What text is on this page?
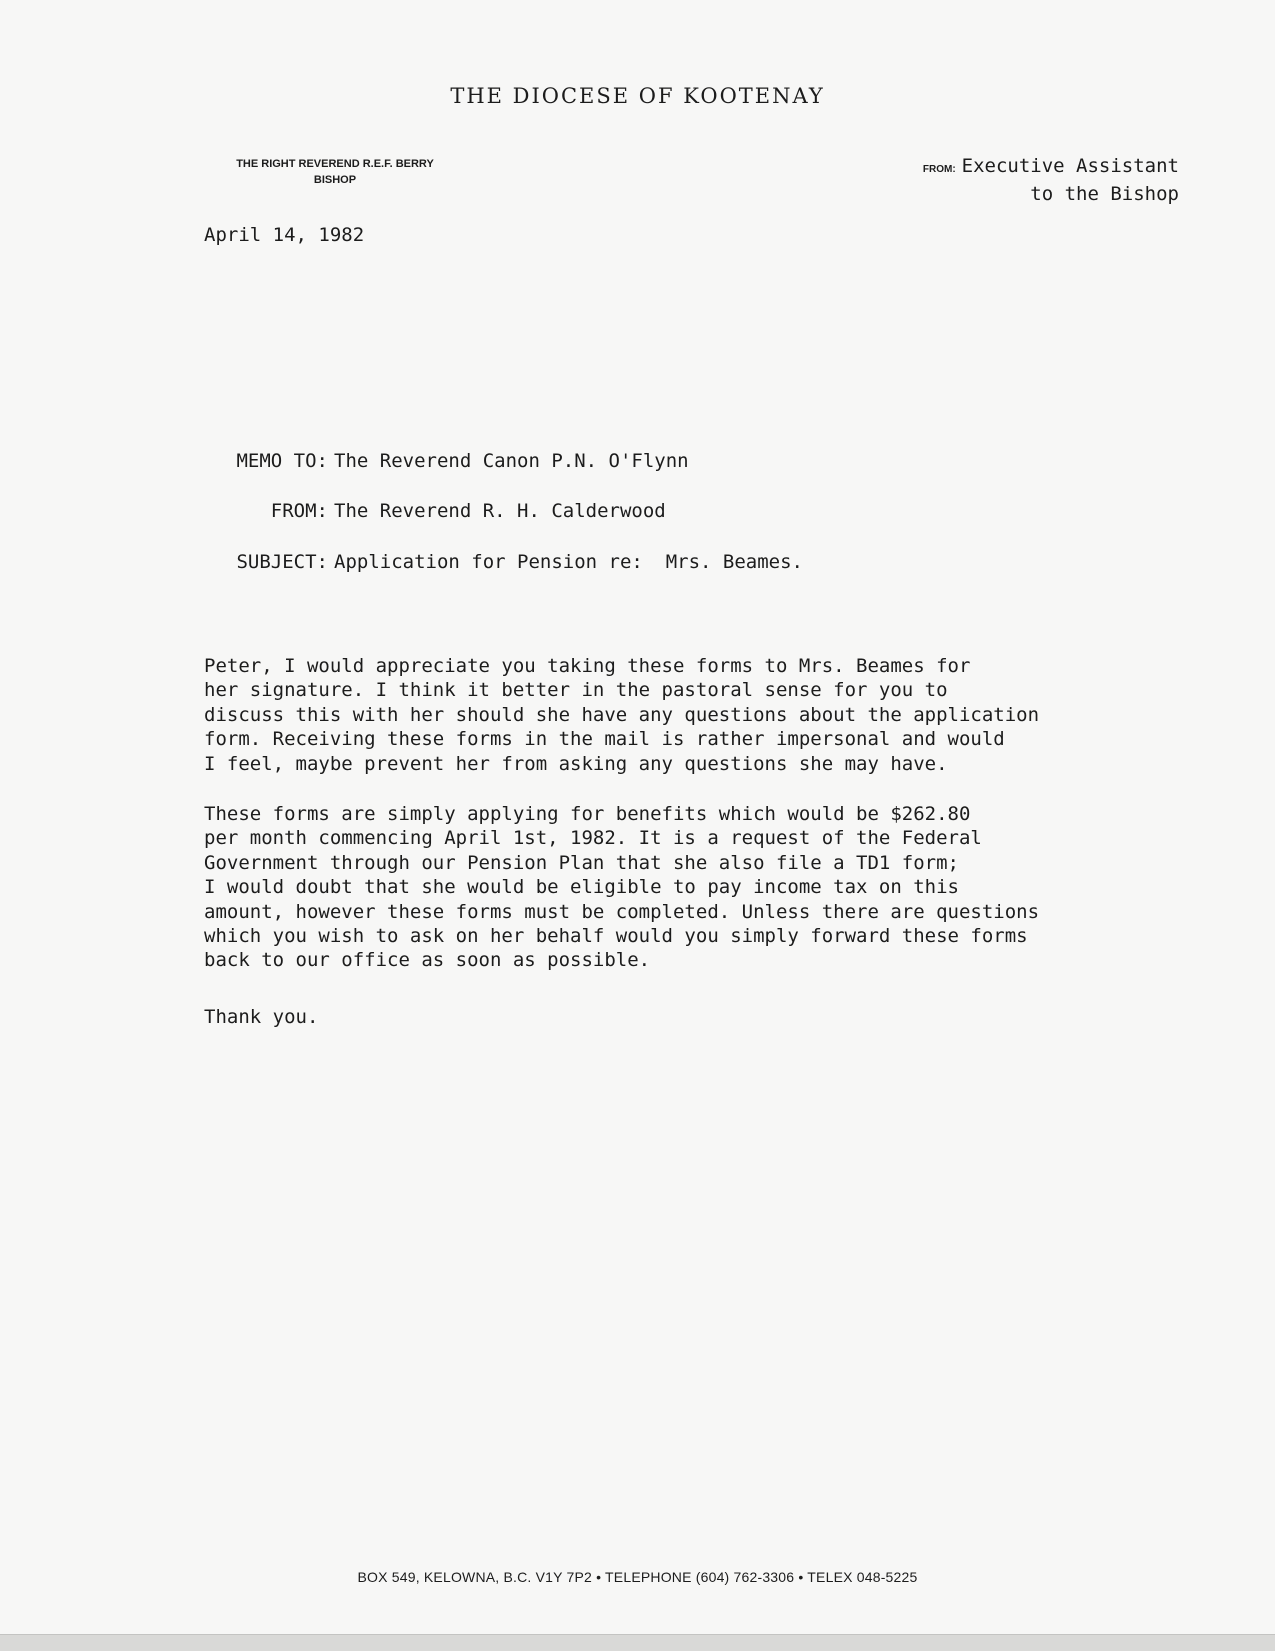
THE DIOCESE OF KOOTENAY
THE RIGHT REVEREND R.E.F. BERRY
BISHOP
FROM: Executive Assistant
to the Bishop
April 14, 1982
MEMO TO: The Reverend Canon P.N. O'Flynn
FROM: The Reverend R. H. Calderwood
SUBJECT: Application for Pension re:  Mrs. Beames.
Peter, I would appreciate you taking these forms to Mrs. Beames for
her signature. I think it better in the pastoral sense for you to
discuss this with her should she have any questions about the application
form. Receiving these forms in the mail is rather impersonal and would
I feel, maybe prevent her from asking any questions she may have.
These forms are simply applying for benefits which would be $262.80
per month commencing April 1st, 1982. It is a request of the Federal
Government through our Pension Plan that she also file a TD1 form;
I would doubt that she would be eligible to pay income tax on this
amount, however these forms must be completed. Unless there are questions
which you wish to ask on her behalf would you simply forward these forms
back to our office as soon as possible.
Thank you.
BOX 549, KELOWNA, B.C. V1Y 7P2 • TELEPHONE (604) 762-3306 • TELEX 048-5225
